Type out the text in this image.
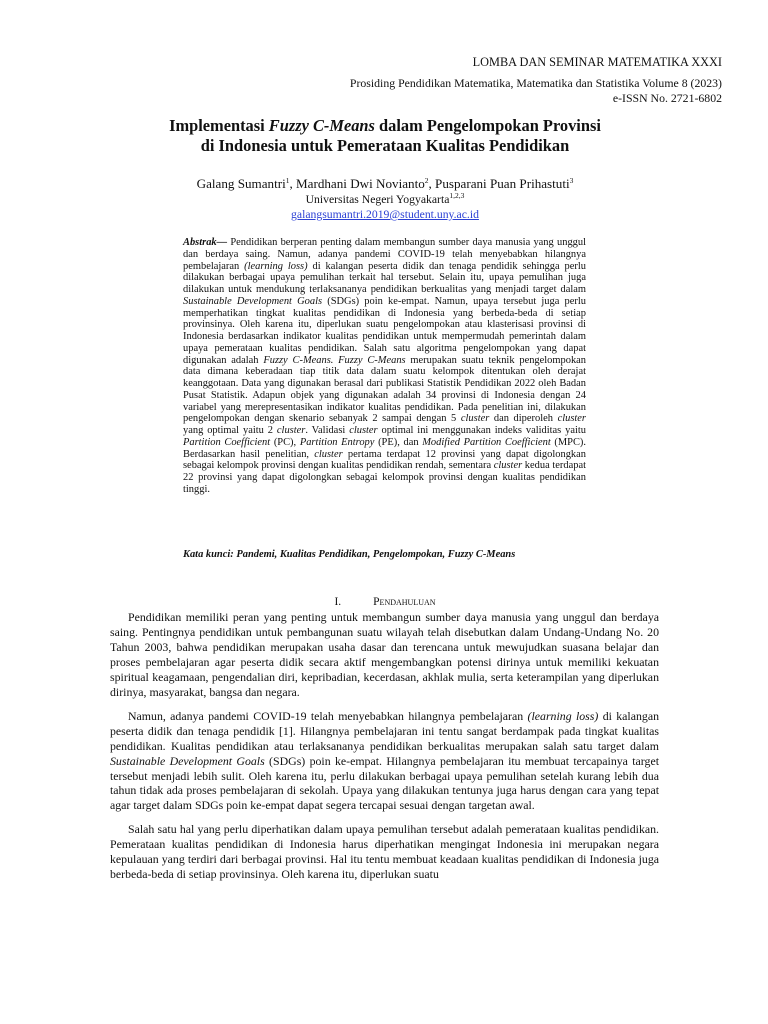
LOMBA DAN SEMINAR MATEMATIKA XXXI
Prosiding Pendidikan Matematika, Matematika dan Statistika Volume 8 (2023)
e-ISSN No. 2721-6802
Implementasi Fuzzy C-Means dalam Pengelompokan Provinsi
di Indonesia untuk Pemerataan Kualitas Pendidikan
Galang Sumantri$^1$, Mardhani Dwi Novianto$^2$, Pusparani Puan Prihastuti$^3$
Universitas Negeri Yogyakarta$^{1,2,3}$
galangsumantri.2019@student.uny.ac.id
Abstrak— Pendidikan berperan penting dalam membangun sumber daya manusia yang unggul dan berdaya saing. Namun, adanya pandemi COVID-19 telah menyebabkan hilangnya pembelajaran (learning loss) di kalangan peserta didik dan tenaga pendidik sehingga perlu dilakukan berbagai upaya pemulihan terkait hal tersebut. Selain itu, upaya pemulihan juga dilakukan untuk mendukung terlaksananya pendidikan berkualitas yang menjadi target dalam Sustainable Development Goals (SDGs) poin ke-empat. Namun, upaya tersebut juga perlu memperhatikan tingkat kualitas pendidikan di Indonesia yang berbeda-beda di setiap provinsinya. Oleh karena itu, diperlukan suatu pengelompokan atau klasterisasi provinsi di Indonesia berdasarkan indikator kualitas pendidikan untuk mempermudah pemerintah dalam upaya pemerataan kualitas pendidikan. Salah satu algoritma pengelompokan yang dapat digunakan adalah Fuzzy C-Means. Fuzzy C-Means merupakan suatu teknik pengelompokan data dimana keberadaan tiap titik data dalam suatu kelompok ditentukan oleh derajat keanggotaan. Data yang digunakan berasal dari publikasi Statistik Pendidikan 2022 oleh Badan Pusat Statistik. Adapun objek yang digunakan adalah 34 provinsi di Indonesia dengan 24 variabel yang merepresentasikan indikator kualitas pendidikan. Pada penelitian ini, dilakukan pengelompokan dengan skenario sebanyak 2 sampai dengan 5 cluster dan diperoleh cluster yang optimal yaitu 2 cluster. Validasi cluster optimal ini menggunakan indeks validitas yaitu Partition Coefficient (PC), Partition Entropy (PE), dan Modified Partition Coefficient (MPC). Berdasarkan hasil penelitian, cluster pertama terdapat 12 provinsi yang dapat digolongkan sebagai kelompok provinsi dengan kualitas pendidikan rendah, sementara cluster kedua terdapat 22 provinsi yang dapat digolongkan sebagai kelompok provinsi dengan kualitas pendidikan tinggi.
Kata kunci: Pandemi, Kualitas Pendidikan, Pengelompokan, Fuzzy C-Means
I.	Pendahuluan

Pendidikan memiliki peran yang penting untuk membangun sumber daya manusia yang unggul dan berdaya saing. Pentingnya pendidikan untuk pembangunan suatu wilayah telah disebutkan dalam Undang-Undang No. 20 Tahun 2003, bahwa pendidikan merupakan usaha dasar dan terencana untuk mewujudkan suasana belajar dan proses pembelajaran agar peserta didik secara aktif mengembangkan potensi dirinya untuk memiliki kekuatan spiritual keagamaan, pengendalian diri, kepribadian, kecerdasan, akhlak mulia, serta keterampilan yang diperlukan dirinya, masyarakat, bangsa dan negara.

Namun, adanya pandemi COVID-19 telah menyebabkan hilangnya pembelajaran (learning loss) di kalangan peserta didik dan tenaga pendidik [1]. Hilangnya pembelajaran ini tentu sangat berdampak pada tingkat kualitas pendidikan. Kualitas pendidikan atau terlaksananya pendidikan berkualitas merupakan salah satu target dalam Sustainable Development Goals (SDGs) poin ke-empat. Hilangnya pembelajaran itu membuat tercapainya target tersebut menjadi lebih sulit. Oleh karena itu, perlu dilakukan berbagai upaya pemulihan setelah kurang lebih dua tahun tidak ada proses pembelajaran di sekolah. Upaya yang dilakukan tentunya juga harus dengan cara yang tepat agar target dalam SDGs poin ke-empat dapat segera tercapai sesuai dengan targetan awal.

Salah satu hal yang perlu diperhatikan dalam upaya pemulihan tersebut adalah pemerataan kualitas pendidikan. Pemerataan kualitas pendidikan di Indonesia harus diperhatikan mengingat Indonesia ini merupakan negara kepulauan yang terdiri dari berbagai provinsi. Hal itu tentu membuat keadaan kualitas pendidikan di Indonesia juga berbeda-beda di setiap provinsinya. Oleh karena itu, diperlukan suatu
